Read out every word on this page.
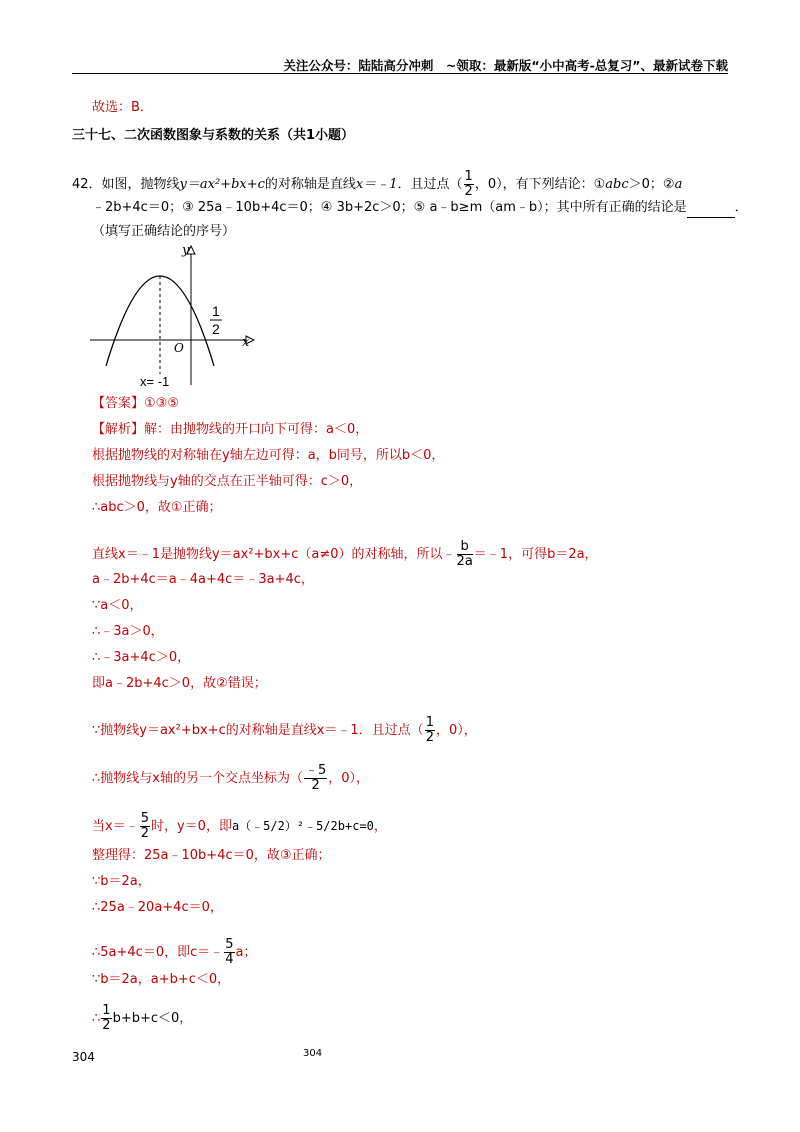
关注公众号：陆陆高分冲刺　~领取：最新版“小中高考-总复习”、最新试卷下载
故选：B．
三十七、二次函数图象与系数的关系（共1小题）
42．如图，抛物线y＝ax²+bx+c的对称轴是直线x＝﹣1．且过点（ $\frac{1}{2}$ ，0），有下列结论：①abc＞0；②a
﹣2b+4c＝0；③ 25a﹣10b+4c＝0；④ 3b+2c＞0；⑤ a﹣b≥m（am﹣b）；其中所有正确的结论是	．
（填写正确结论的序号）
y
x
O
1
2
x= -1
【答案】①③⑤
【解析】解：由抛物线的开口向下可得：a＜0，
根据抛物线的对称轴在y轴左边可得：a，b同号，所以b＜0，
根据抛物线与y轴的交点在正半轴可得：c＞0，
∴abc＞0，故①正确；
直线x＝﹣1是抛物线y＝ax²+bx+c（a≠0）的对称轴，所以﹣ $\frac{b}{2a}$ ＝﹣1，可得b＝2a，
a﹣2b+4c＝a﹣4a+4c＝﹣3a+4c，
∵a＜0，
∴﹣3a＞0，
∴﹣3a+4c＞0，
即a﹣2b+4c＞0，故②错误；
∵抛物线y＝ax²+bx+c的对称轴是直线x＝﹣1．且过点（ $\frac{1}{2}$ ，0），
∴抛物线与x轴的另一个交点坐标为（ $\frac{﹣5}{2}$ ，0），
当x＝﹣ $\frac{5}{2}$ 时，y＝0，即a（﹣5/2）²﹣5/2b+c=0，
整理得：25a﹣10b+4c＝0，故③正确；
∵b＝2a，
∴25a﹣20a+4c＝0，
∴5a+4c＝0，即c＝﹣ $\frac{5}{4}$ a；
∵b＝2a，a+b+c＜0，
∴ $\frac{1}{2} b+b+c<0$，
304	304
